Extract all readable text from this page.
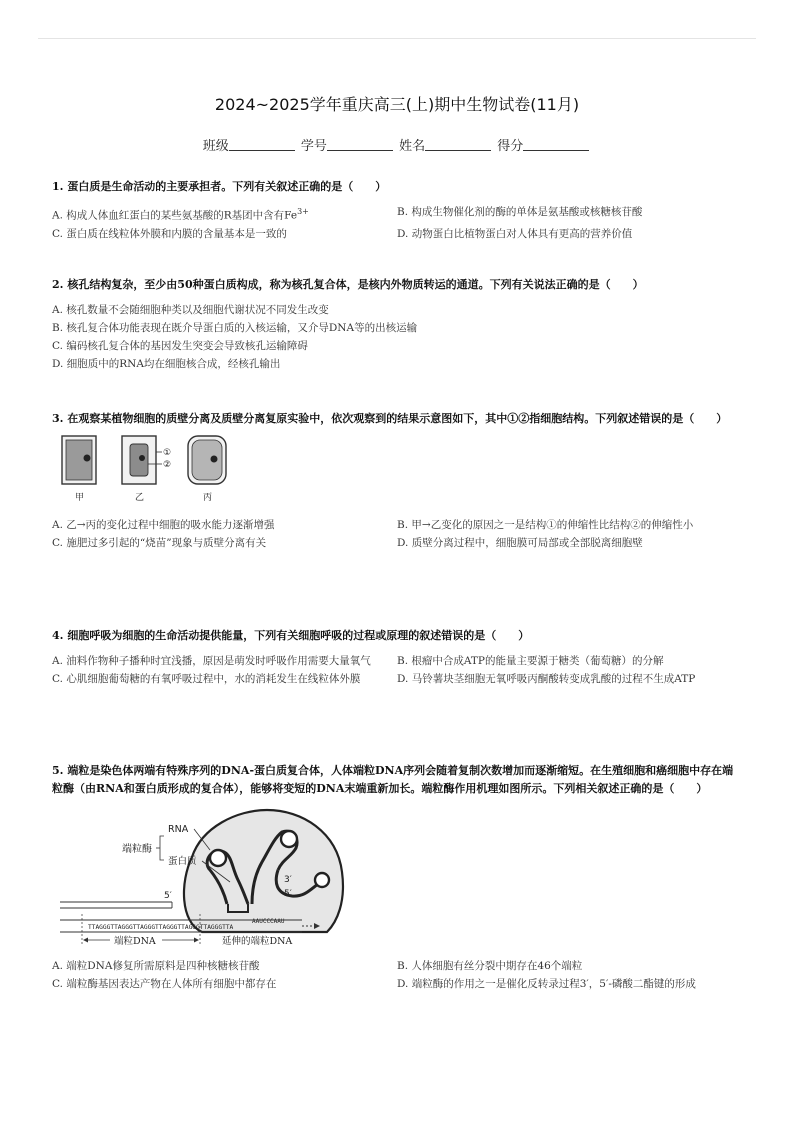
2024~2025学年重庆高三(上)期中生物试卷(11月)
班级	学号	姓名	得分
1. 蛋白质是生命活动的主要承担者。下列有关叙述正确的是（　　）
A. 构成人体血红蛋白的某些氨基酸的R基团中含有$Fe^{3+}$	B. 构成生物催化剂的酶的单体是氨基酸或核糖核苷酸
C. 蛋白质在线粒体外膜和内膜的含量基本是一致的	D. 动物蛋白比植物蛋白对人体具有更高的营养价值
2. 核孔结构复杂，至少由50种蛋白质构成，称为核孔复合体，是核内外物质转运的通道。下列有关说法正确的是（　　）
A. 核孔数量不会随细胞种类以及细胞代谢状况不同发生改变
B. 核孔复合体功能表现在既介导蛋白质的入核运输，又介导DNA等的出核运输
C. 编码核孔复合体的基因发生突变会导致核孔运输障碍
D. 细胞质中的RNA均在细胞核合成，经核孔输出
3. 在观察某植物细胞的质壁分离及质壁分离复原实验中，依次观察到的结果示意图如下，其中①②指细胞结构。下列叙述错误的是（　　）
①
②
甲	乙	丙
A. 乙→丙的变化过程中细胞的吸水能力逐渐增强	B. 甲→乙变化的原因之一是结构①的伸缩性比结构②的伸缩性小
C. 施肥过多引起的“烧苗”现象与质壁分离有关	D. 质壁分离过程中，细胞膜可局部或全部脱离细胞壁
4. 细胞呼吸为细胞的生命活动提供能量，下列有关细胞呼吸的过程或原理的叙述错误的是（　　）
A. 油料作物种子播种时宜浅播，原因是萌发时呼吸作用需要大量氧气	B. 根瘤中合成ATP的能量主要源于糖类（葡萄糖）的分解
C. 心肌细胞葡萄糖的有氧呼吸过程中，水的消耗发生在线粒体外膜	D. 马铃薯块茎细胞无氧呼吸丙酮酸转变成乳酸的过程不生成ATP
5. 端粒是染色体两端有特殊序列的DNA-蛋白质复合体，人体端粒DNA序列会随着复制次数增加而逐渐缩短。在生殖细胞和癌细胞中存在端粒酶（由RNA和蛋白质形成的复合体），能够将变短的DNA末端重新加长。端粒酶作用机理如图所示。下列相关叙述正确的是（　　）
RNA
端粒酶
蛋白质
3′
5′
AAUCCCAAU
5′
TTAGGGTTAGGGTTAGGGTTAGGGTTAGGGTTAGGGTTA
端粒DNA	延伸的端粒DNA
A. 端粒DNA修复所需原料是四种核糖核苷酸	B. 人体细胞有丝分裂中期存在46个端粒
C. 端粒酶基因表达产物在人体所有细胞中都存在	D. 端粒酶的作用之一是催化反转录过程3′，5′-磷酸二酯键的形成
